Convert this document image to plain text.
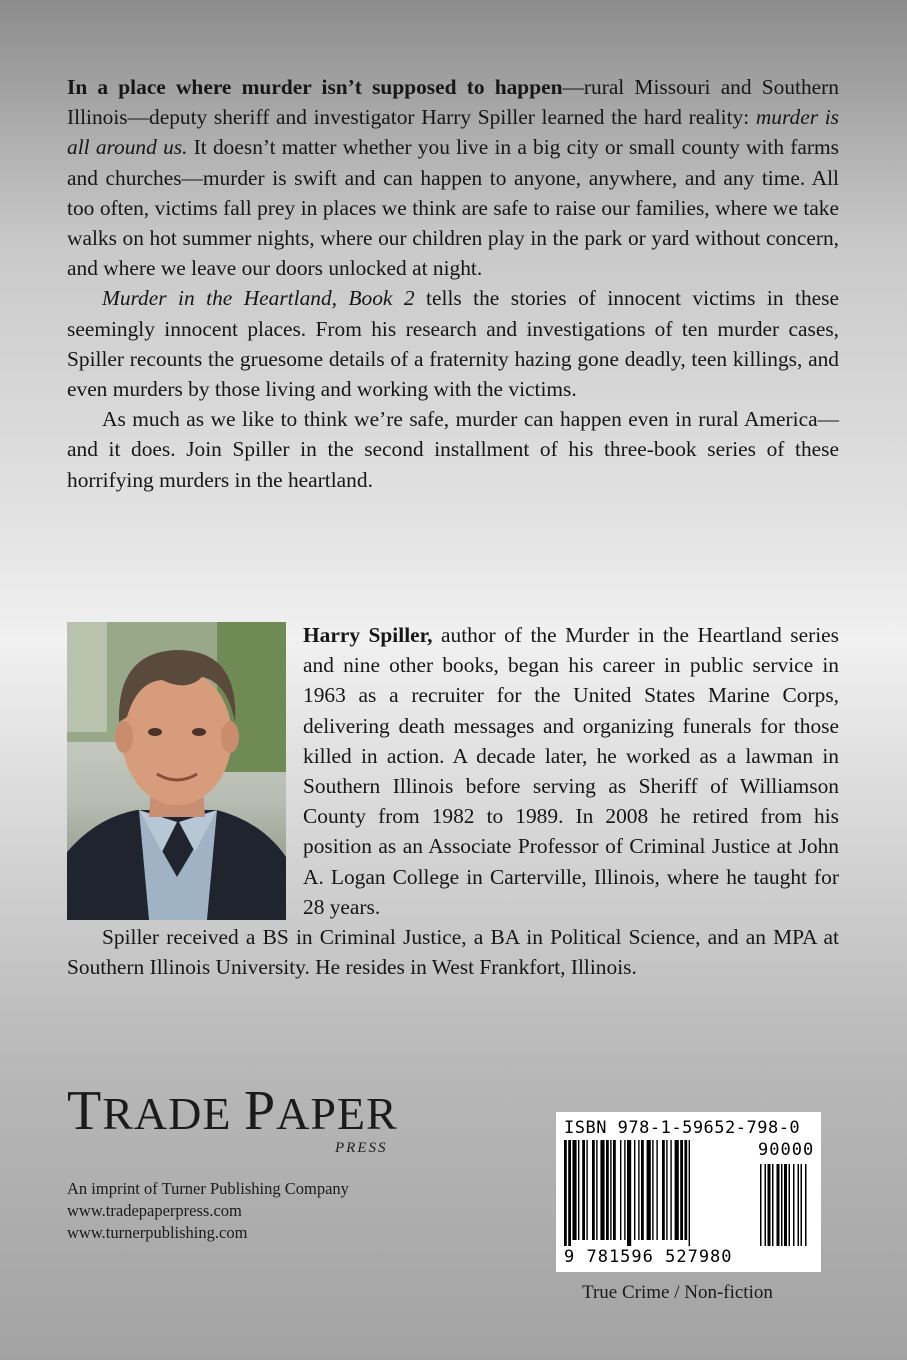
In a place where murder isn’t supposed to happen—rural Missouri and Southern Illinois—deputy sheriff and investigator Harry Spiller learned the hard reality: murder is all around us. It doesn’t matter whether you live in a big city or small county with farms and churches—murder is swift and can happen to anyone, anywhere, and any time. All too often, victims fall prey in places we think are safe to raise our families, where we take walks on hot summer nights, where our children play in the park or yard without concern, and where we leave our doors unlocked at night.

Murder in the Heartland, Book 2 tells the stories of innocent victims in these seemingly innocent places. From his research and investigations of ten murder cases, Spiller recounts the gruesome details of a fraternity hazing gone deadly, teen killings, and even murders by those living and working with the victims.

As much as we like to think we’re safe, murder can happen even in rural America—and it does. Join Spiller in the second installment of his three-book series of these horrifying murders in the heartland.

Harry Spiller, author of the Murder in the Heartland series and nine other books, began his career in public service in 1963 as a recruiter for the United States Marine Corps, delivering death messages and organizing funerals for those killed in action. A decade later, he worked as a lawman in Southern Illinois before serving as Sheriff of Williamson County from 1982 to 1989. In 2008 he retired from his position as an Associate Professor of Criminal Justice at John A. Logan College in Carterville, Illinois, where he taught for 28 years.

Spiller received a BS in Criminal Justice, a BA in Political Science, and an MPA at Southern Illinois University. He resides in West Frankfort, Illinois.

TRADE PAPER
PRESS
An imprint of Turner Publishing Company
www.tradepaperpress.com
www.turnerpublishing.com
ISBN 978-1-59652-798-0
90000
9 781596 527980
True Crime / Non-fiction
